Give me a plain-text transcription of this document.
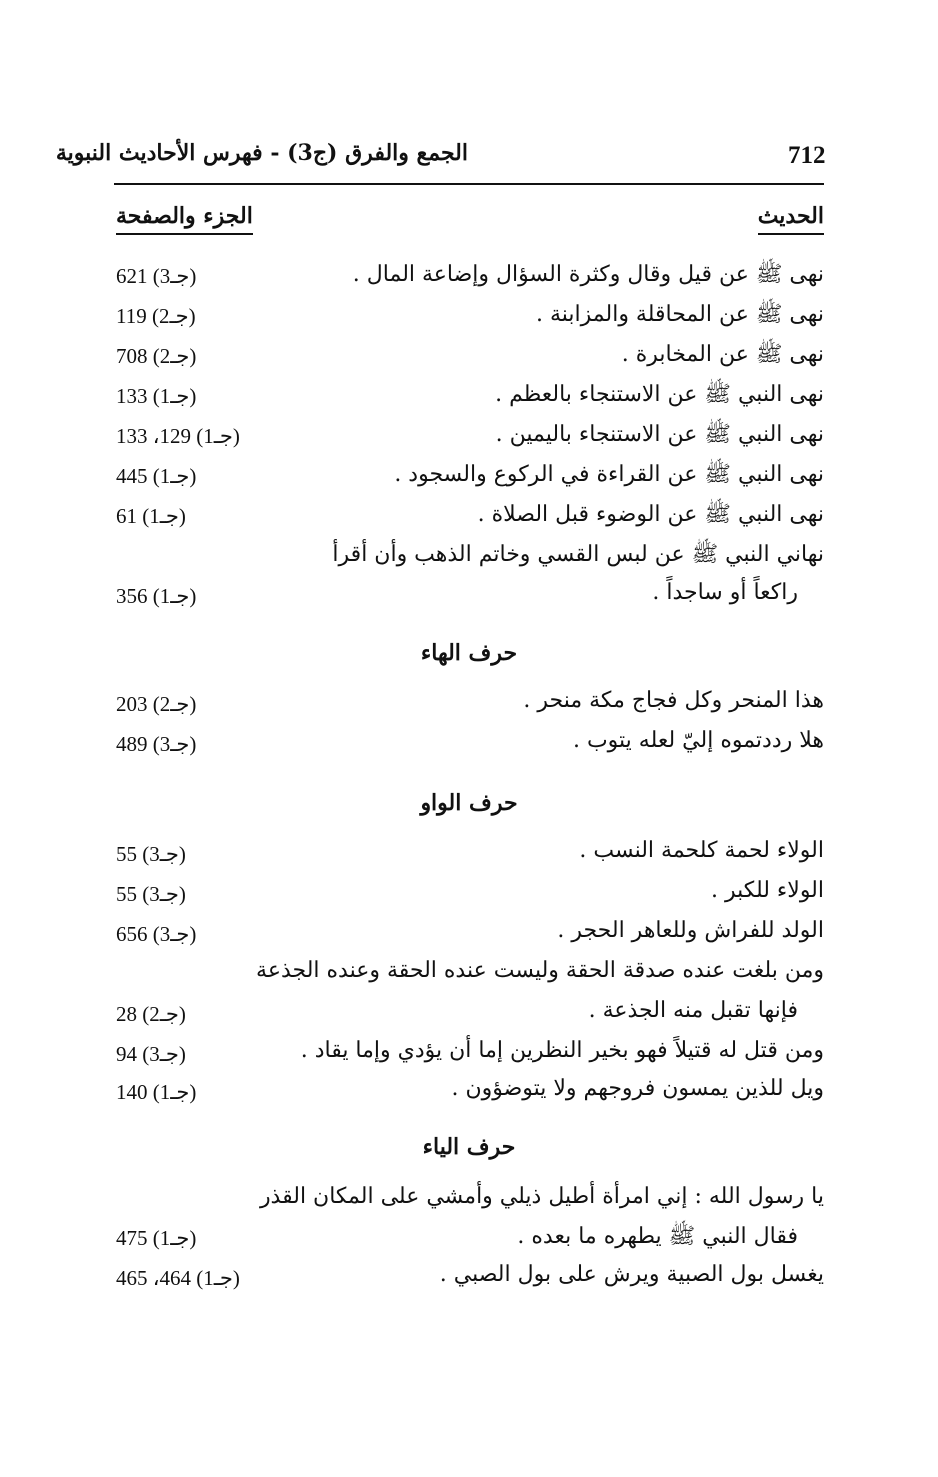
712
الجمع والفرق (ج3) - فهرس الأحاديث النبوية
الحديث
الجزء والصفحة
نهى ﷺ عن قيل وقال وكثرة السؤال وإضاعة المال .
621 (جـ3)
نهى ﷺ عن المحاقلة والمزابنة .
119 (جـ2)
نهى ﷺ عن المخابرة .
708 (جـ2)
نهى النبي ﷺ عن الاستنجاء بالعظم .
133 (جـ1)
نهى النبي ﷺ عن الاستنجاء باليمين .
133 ،129 (جـ1)
نهى النبي ﷺ عن القراءة في الركوع والسجود .
445 (جـ1)
نهى النبي ﷺ عن الوضوء قبل الصلاة .
61 (جـ1)
نهاني النبي ﷺ عن لبس القسي وخاتم الذهب وأن أقرأ
راكعاً أو ساجداً .
356 (جـ1)
حرف الهاء
هذا المنحر وكل فجاج مكة منحر .
203 (جـ2)
هلا رددتموه إليّ لعله يتوب .
489 (جـ3)
حرف الواو
الولاء لحمة كلحمة النسب .
55 (جـ3)
الولاء للكبر .
55 (جـ3)
الولد للفراش وللعاهر الحجر .
656 (جـ3)
ومن بلغت عنده صدقة الحقة وليست عنده الحقة وعنده الجذعة
فإنها تقبل منه الجذعة .
28 (جـ2)
ومن قتل له قتيلاً فهو بخير النظرين إما أن يؤدي وإما يقاد .
94 (جـ3)
ويل للذين يمسون فروجهم ولا يتوضؤون .
140 (جـ1)
حرف الياء
يا رسول الله : إني امرأة أطيل ذيلي وأمشي على المكان القذر
فقال النبي ﷺ يطهره ما بعده .
475 (جـ1)
يغسل بول الصبية ويرش على بول الصبي .
465 ،464 (جـ1)
